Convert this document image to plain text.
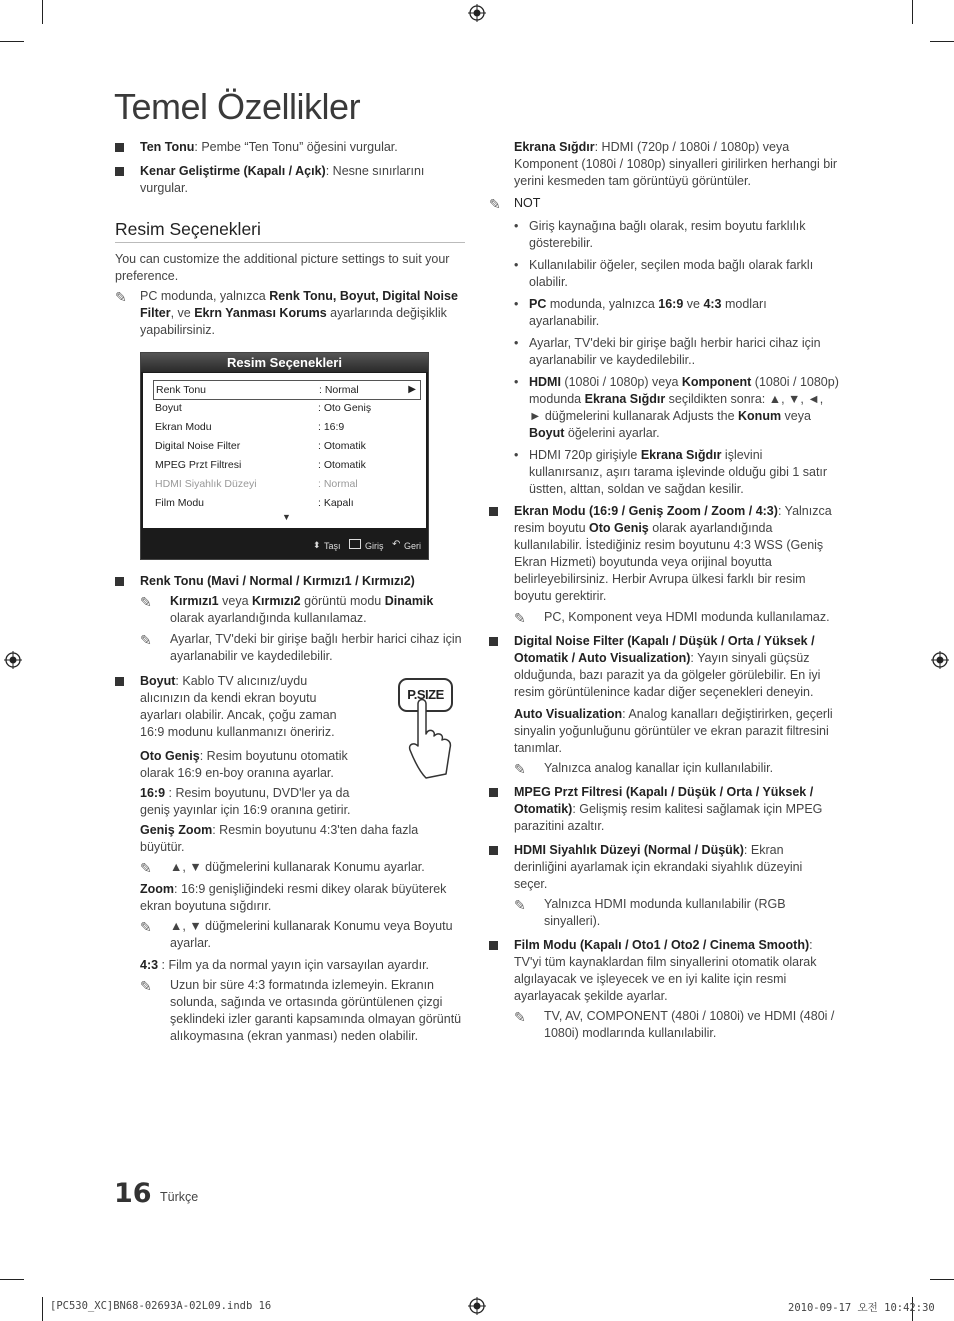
Temel Özellikler
Ten Tonu: Pembe “Ten Tonu” öğesini vurgular.
Kenar Geliştirme (Kapalı / Açık): Nesne sınırlarını vurgular.
Resim Seçenekleri

You can customize the additional picture settings to suit your preference.

✎ PC modunda, yalnızca Renk Tonu, Boyut, Digital Noise Filter, ve Ekrn Yanması Korums ayarlarında değişiklik yapabilirsiniz.
Resim Seçenekleri
Renk Tonu	: Normal	▶
Boyut	: Oto Geniş
Ekran Modu	: 16:9
Digital Noise Filter	: Otomatik
MPEG Przt Filtresi	: Otomatik
HDMI Siyahlık Düzeyi	: Normal
Film Modu	: Kapalı
▼
⬍ Taşı	Giriş ↶ Geri
Renk Tonu (Mavi / Normal / Kırmızı1 / Kırmızı2)
✎ Kırmızı1 veya Kırmızı2 görüntü modu Dinamik olarak ayarlandığında kullanılamaz.
✎ Ayarlar, TV'deki bir girişe bağlı herbir harici cihaz için ayarlanabilir ve kaydedilebilir.
Boyut: Kablo TV alıcınız/uydu alıcınızın da kendi ekran boyutu ayarları olabilir. Ancak, çoğu zaman 16:9 modunu kullanmanızı öneririz.
P.SIZE

Oto Geniş: Resim boyutunu otomatik olarak 16:9 en-boy oranına ayarlar.

16:9 : Resim boyutunu, DVD'ler ya da geniş yayınlar için 16:9 oranına getirir.

Geniş Zoom: Resmin boyutunu 4:3'ten daha fazla büyütür.

✎ ▲, ▼ düğmelerini kullanarak Konumu ayarlar.

Zoom: 16:9 genişliğindeki resmi dikey olarak büyüterek ekran boyutuna sığdırır.

✎ ▲, ▼ düğmelerini kullanarak Konumu veya Boyutu ayarlar.

4:3 : Film ya da normal yayın için varsayılan ayardır.

✎ Uzun bir süre 4:3 formatında izlemeyin. Ekranın solunda, sağında ve ortasında görüntülenen çizgi şeklindeki izler garanti kapsamında olmayan görüntü alıkoymasına (ekran yanması) neden olabilir.

Ekrana Sığdır: HDMI (720p / 1080i / 1080p) veya Komponent (1080i / 1080p) sinyalleri girilirken herhangi bir yerini kesmeden tam görüntüyü görüntüler.

✎ NOT
• Giriş kaynağına bağlı olarak, resim boyutu farklılık gösterebilir.
• Kullanılabilir öğeler, seçilen moda bağlı olarak farklı olabilir.
• PC modunda, yalnızca 16:9 ve 4:3 modları ayarlanabilir.
• Ayarlar, TV'deki bir girişe bağlı herbir harici cihaz için ayarlanabilir ve kaydedilebilir..
• HDMI (1080i / 1080p) veya Komponent (1080i / 1080p) modunda Ekrana Sığdır seçildikten sonra: ▲, ▼, ◄, ► düğmelerini kullanarak Adjusts the Konum veya Boyut öğelerini ayarlar.
• HDMI 720p girişiyle Ekrana Sığdır işlevini kullanırsanız, aşırı tarama işlevinde olduğu gibi 1 satır üstten, alttan, soldan ve sağdan kesilir.
Ekran Modu (16:9 / Geniş Zoom / Zoom / 4:3): Yalnızca resim boyutu Oto Geniş olarak ayarlandığında kullanılabilir. İstediğiniz resim boyutunu 4:3 WSS (Geniş Ekran Hizmeti) boyutunda veya orijinal boyutta belirleyebilirsiniz. Herbir Avrupa ülkesi farklı bir resim boyutu gerektirir.
✎ PC, Komponent veya HDMI modunda kullanılamaz.
Digital Noise Filter (Kapalı / Düşük / Orta / Yüksek / Otomatik / Auto Visualization): Yayın sinyali güçsüz olduğunda, bazı parazit ya da gölgeler görülebilir. En iyi resim görüntülenince kadar diğer seçenekleri deneyin.

Auto Visualization: Analog kanalları değiştirirken, geçerli sinyalin yoğunluğunu görüntüler ve ekran parazit filtresini tanımlar.

✎ Yalnızca analog kanallar için kullanılabilir.
MPEG Przt Filtresi (Kapalı / Düşük / Orta / Yüksek / Otomatik): Gelişmiş resim kalitesi sağlamak için MPEG parazitini azaltır.
HDMI Siyahlık Düzeyi (Normal / Düşük): Ekran derinliğini ayarlamak için ekrandaki siyahlık düzeyini seçer.
✎ Yalnızca HDMI modunda kullanılabilir (RGB sinyalleri).
Film Modu (Kapalı / Oto1 / Oto2 / Cinema Smooth): TV'yi tüm kaynaklardan film sinyallerini otomatik olarak algılayacak ve işleyecek ve en iyi kalite için resmi ayarlayacak şekilde ayarlar.
✎ TV, AV, COMPONENT (480i / 1080i) ve HDMI (480i / 1080i) modlarında kullanılabilir.
16 Türkçe
[PC530_XC]BN68-02693A-02L09.indb 16	2010-09-17 오전 10:42:30
